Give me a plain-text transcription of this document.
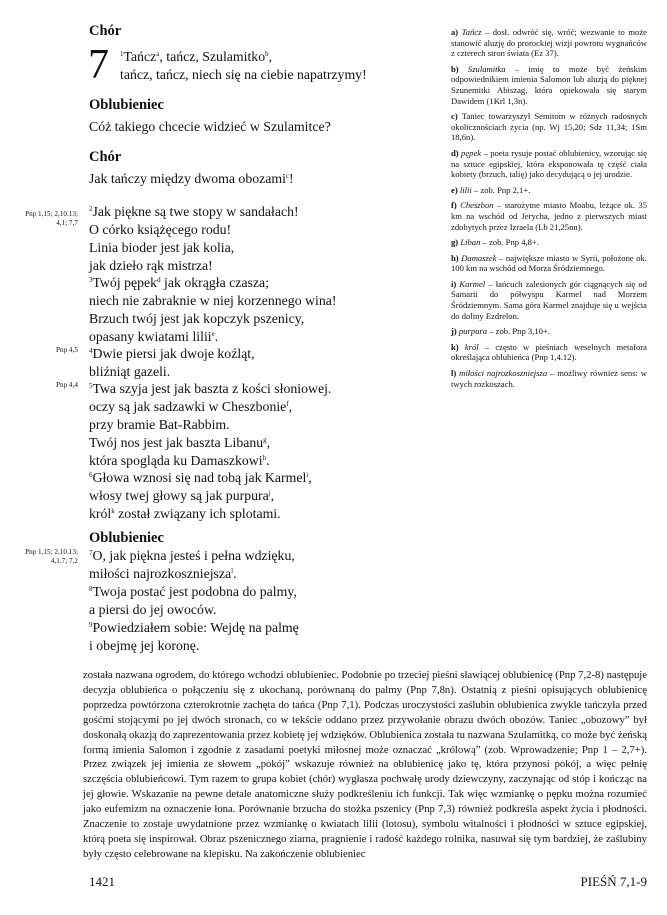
Chór
Oblubieniec
Chór
Oblubieniec
7 $^1$Tańcz$^a$, tańcz, Szulamitko$^b$,
tańcz, tańcz, niech się na ciebie napatrzymy!
Cóż takiego chcecie widzieć w Szulamitce?
Jak tańczy między dwoma obozami$^c$!
$^2$Jak piękne są twe stopy w sandałach!
O córko książęcego rodu!
Linia bioder jest jak kolia,
jak dzieło rąk mistrza!
$^3$Twój pępek$^d$ jak okrągła czasza;
niech nie zabraknie w niej korzennego wina!
Brzuch twój jest jak kopczyk pszenicy,
opasany kwiatami lilii$^e$.
$^4$Dwie piersi jak dwoje koźląt,
bliźniąt gazeli.
$^5$Twa szyja jest jak baszta z kości słoniowej.
oczy są jak sadzawki w Cheszbonie$^f$,
przy bramie Bat-Rabbim.
Twój nos jest jak baszta Libanu$^g$,
która spogląda ku Damaszkowi$^h$.
$^6$Głowa wznosi się nad tobą jak Karmel$^i$,
włosy twej głowy są jak purpura$^j$,
król$^k$ został związany ich splotami.
$^7$O, jak piękna jesteś i pełna wdzięku,
miłości najrozkoszniejsza$^l$.
$^8$Twoja postać jest podobna do palmy,
a piersi do jej owoców.
$^9$Powiedziałem sobie: Wejdę na palmę
i obejmę jej koronę.
Pnp 1,15; 2,10.13;
4,1; 7,7
Pnp 4,5
Pnp 4,4
Pnp 1,15; 2,10.13;
4,1.7; 7,2

a) Tańcz – dosł. odwróć się, wróć; wezwanie to może stanowić aluzję do prorockiej wizji powrotu wygnańców z czterech stron świata (Ez 37).

b) Szulamitka – imię to może być żeńskim odpowiednikiem imienia Salomon lub aluzją do pięknej Szunemitki Abiszag, która opiekowała się starym Dawidem (1Krl 1,3n).

c) Taniec towarzyszył Semitom w różnych radosnych okolicznościach życia (np. Wj 15,20; Sdz 11,34; 1Sm 18,6n).

d) pępek – poeta rysuje postać oblubienicy, wzorując się na sztuce egipskiej, która eksponowała tę część ciała kobiety (brzuch, talię) jako decydującą o jej urodzie.

e) lilii – zob. Pnp 2,1+.

f) Cheszbon – starożytne miasto Moabu, leżące ok. 35 km na wschód od Jerycha, jedno z pierwszych miast zdobytych przez Izraela (Lb 21,25nn).

g) Liban – zob. Pnp 4,8+.

h) Damaszek – największe miasto w Syrii, położone ok. 100 km na wschód od Morza Śródziemnego.

i) Karmel – łańcuch zalesionych gór ciągnących się od Samarii do półwyspu Karmel nad Morzem Śródziemnym. Sama góra Karmel znajduje się u wejścia do doliny Ezdrelon.

j) purpura – zob. Pnp 3,10+.

k) król – często w pieśniach weselnych metafora określająca oblubieńca (Pnp 1,4.12).

l) miłości najrozkoszniejsza – możliwy również sens: w twych rozkoszach.

została nazwana ogrodem, do którego wchodzi oblubieniec. Podobnie po trzeciej pieśni sławiącej oblubienicę (Pnp 7,2-8) następuje decyzja oblubieńca o połączeniu się z ukochaną, porównaną do palmy (Pnp 7,8n). Ostatnią z pieśni opisujących oblubienicę poprzedza powtórzona czterokrotnie zachęta do tańca (Pnp 7,1). Podczas uroczystości zaślubin oblubienica zwykle tańczyła przed gośćmi stojącymi po jej dwóch stronach, co w tekście oddano przez przywołanie obrazu dwóch obozów. Taniec „obozowy” był doskonałą okazją do zaprezentowania przez kobietę jej wdzięków. Oblubienica została tu nazwana Szulamitką, co może być żeńską formą imienia Salomon i zgodnie z zasadami poetyki miłosnej może oznaczać „królową” (zob. Wprowadzenie; Pnp 1 – 2,7+). Przez związek jej imienia ze słowem „pokój” wskazuje również na oblubienicę jako tę, która przynosi pokój, a więc pełnię szczęścia oblubieńcowi. Tym razem to grupa kobiet (chór) wygłasza pochwałę urody dziewczyny, zaczynając od stóp i kończąc na jej głowie. Wskazanie na pewne detale anatomiczne służy podkreśleniu ich funkcji. Tak więc wzmiankę o pępku można rozumieć jako eufemizm na oznaczenie łona. Porównanie brzucha do stożka pszenicy (Pnp 7,3) również podkreśla aspekt życia i płodności. Znaczenie to zostaje uwydatnione przez wzmiankę o kwiatach lilii (lotosu), symbolu witalności i płodności w sztuce egipskiej, którą poeta się inspirował. Obraz pszenicznego ziarna, pragnienie i radość każdego rolnika, nasuwał się tym bardziej, że zaślubiny były często celebrowane na klepisku. Na zakończenie oblubieniec

1421	PIEŚŃ 7,1-9
